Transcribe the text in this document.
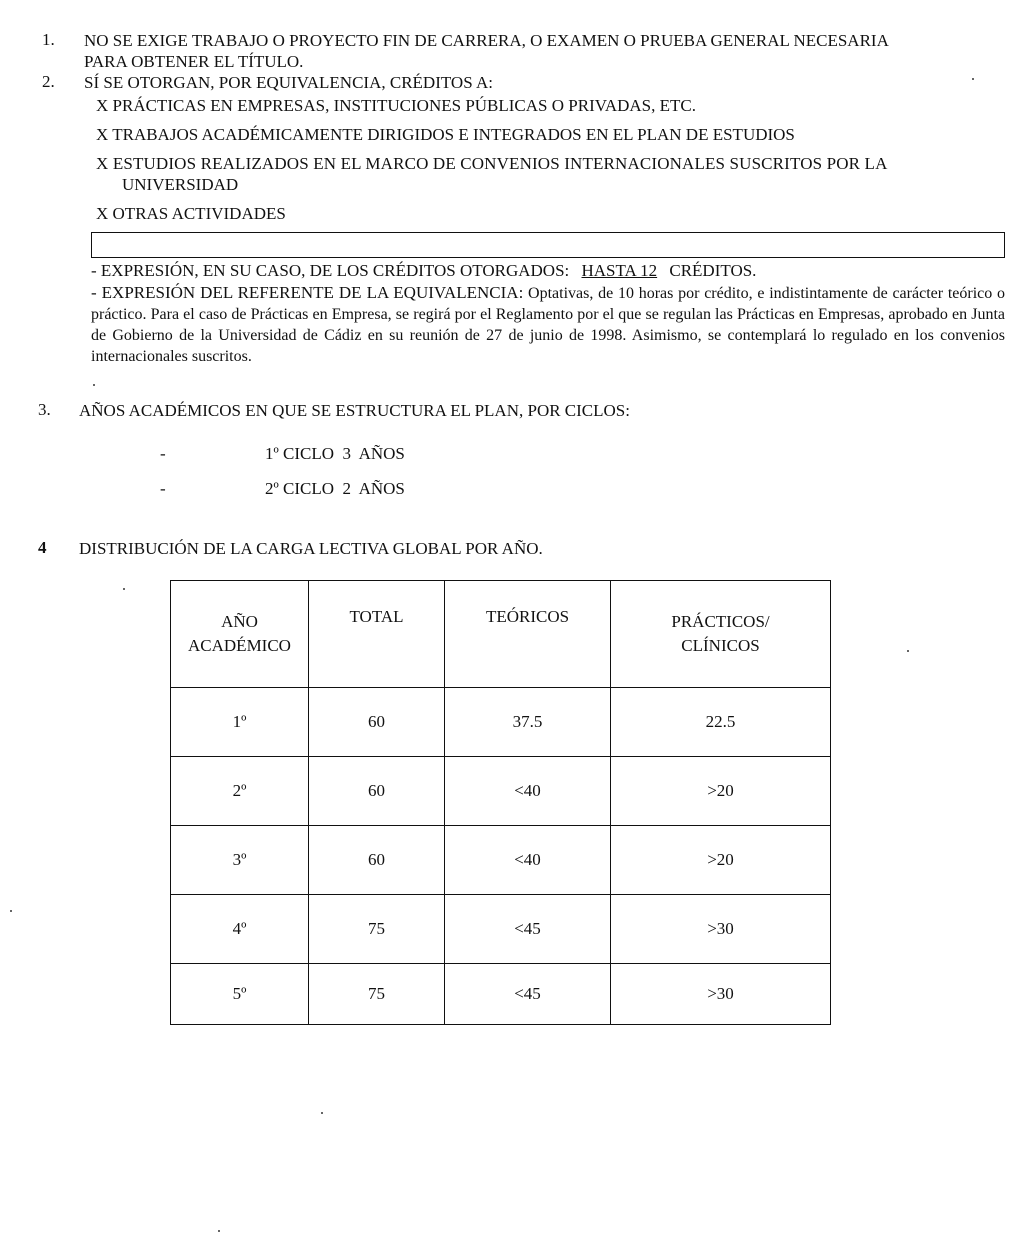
1. NO SE EXIGE TRABAJO O PROYECTO FIN DE CARRERA, O EXAMEN O PRUEBA GENERAL NECESARIA
PARA OBTENER EL TÍTULO.
2. SÍ SE OTORGAN, POR EQUIVALENCIA, CRÉDITOS A:
X PRÁCTICAS EN EMPRESAS, INSTITUCIONES PÚBLICAS O PRIVADAS, ETC.
X TRABAJOS ACADÉMICAMENTE DIRIGIDOS E INTEGRADOS EN EL PLAN DE ESTUDIOS
X ESTUDIOS REALIZADOS EN EL MARCO DE CONVENIOS INTERNACIONALES SUSCRITOS POR LA
UNIVERSIDAD
X OTRAS ACTIVIDADES
- EXPRESIÓN, EN SU CASO, DE LOS CRÉDITOS OTORGADOS: HASTA 12 CRÉDITOS.
- EXPRESIÓN DEL REFERENTE DE LA EQUIVALENCIA: Optativas, de 10 horas por crédito, e indistintamente de carácter teórico o práctico. Para el caso de Prácticas en Empresa, se regirá por el Reglamento por el que se regulan las Prácticas en Empresas, aprobado en Junta de Gobierno de la Universidad de Cádiz en su reunión de 27 de junio de 1998. Asimismo, se contemplará lo regulado en los convenios internacionales suscritos.
3. AÑOS ACADÉMICOS EN QUE SE ESTRUCTURA EL PLAN, POR CICLOS:
-	1º CICLO  3  AÑOS
-	2º CICLO  2  AÑOS
4 DISTRIBUCIÓN DE LA CARGA LECTIVA GLOBAL POR AÑO.
AÑO
ACADÉMICO	TOTAL	TEÓRICOS	PRÁCTICOS/
CLÍNICOS
1º	60	37.5	22.5
2º	60	<40	>20
3º	60	<40	>20
4º	75	<45	>30
5º	75	<45	>30
